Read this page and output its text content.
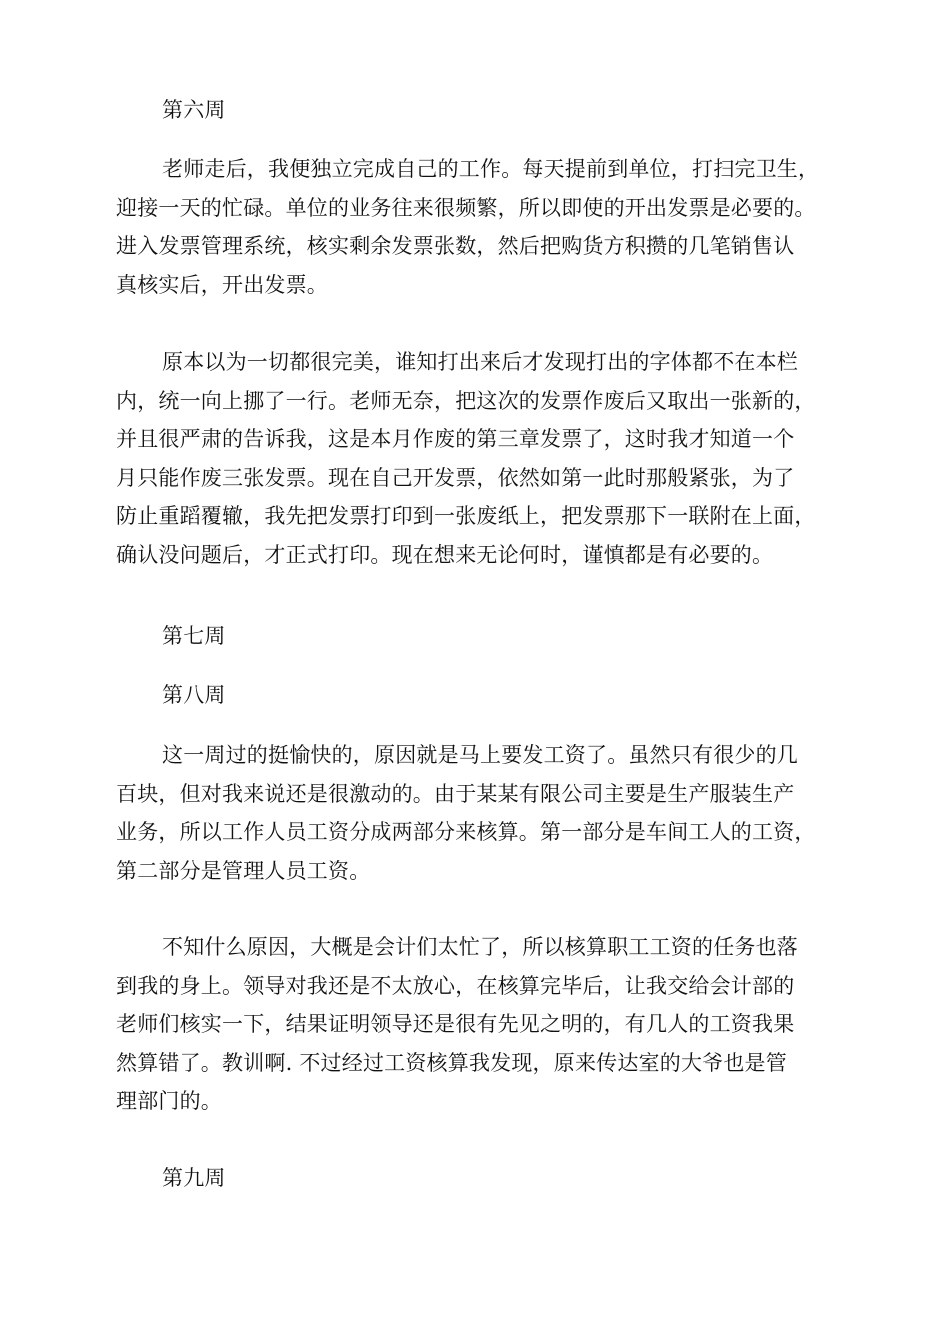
第六周
老师走后，我便独立完成自己的工作。每天提前到单位，打扫完卫生，
迎接一天的忙碌。单位的业务往来很频繁，所以即使的开出发票是必要的。
进入发票管理系统，核实剩余发票张数，然后把购货方积攒的几笔销售认
真核实后，开出发票。
原本以为一切都很完美，谁知打出来后才发现打出的字体都不在本栏
内，统一向上挪了一行。老师无奈，把这次的发票作废后又取出一张新的，
并且很严肃的告诉我，这是本月作废的第三章发票了，这时我才知道一个
月只能作废三张发票。现在自己开发票，依然如第一此时那般紧张，为了
防止重蹈覆辙，我先把发票打印到一张废纸上，把发票那下一联附在上面，
确认没问题后，才正式打印。现在想来无论何时，谨慎都是有必要的。
第七周
第八周
这一周过的挺愉快的，原因就是马上要发工资了。虽然只有很少的几
百块，但对我来说还是很激动的。由于某某有限公司主要是生产服装生产
业务，所以工作人员工资分成两部分来核算。第一部分是车间工人的工资，
第二部分是管理人员工资。
不知什么原因，大概是会计们太忙了，所以核算职工工资的任务也落
到我的身上。领导对我还是不太放心，在核算完毕后，让我交给会计部的
老师们核实一下，结果证明领导还是很有先见之明的，有几人的工资我果
然算错了。教训啊. 不过经过工资核算我发现，原来传达室的大爷也是管
理部门的。
第九周
